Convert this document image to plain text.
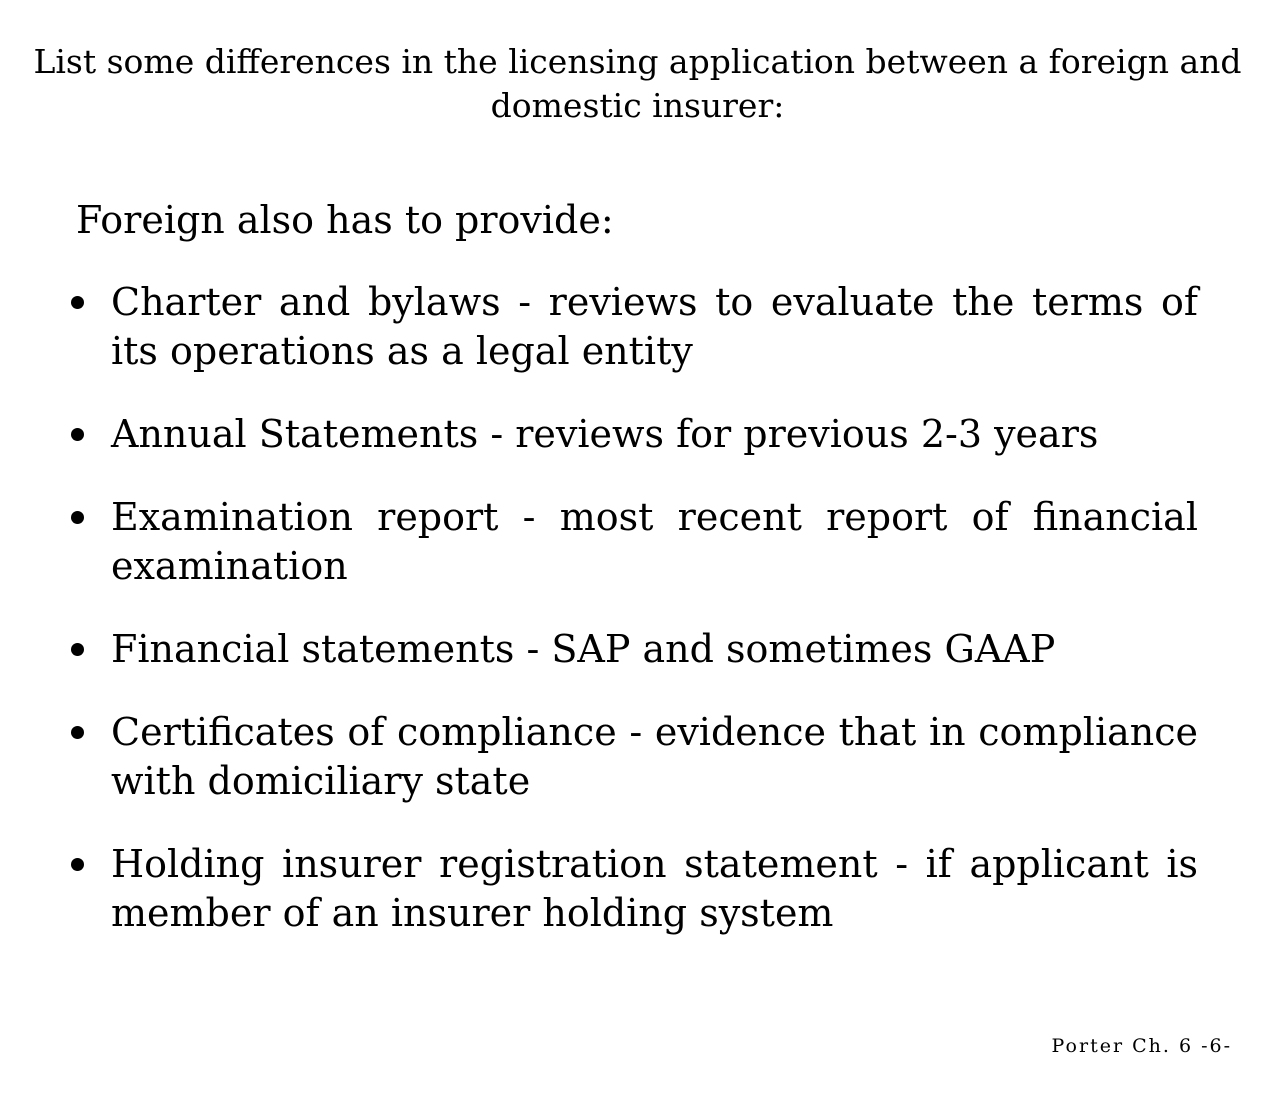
List some differences in the licensing application between a foreign and domestic insurer:

Foreign also has to provide:

Charter and bylaws - reviews to evaluate the terms of its operations as a legal entity
Annual Statements - reviews for previous 2-3 years
Examination report - most recent report of financial examination
Financial statements - SAP and sometimes GAAP
Certificates of compliance - evidence that in compliance with domiciliary state
Holding insurer registration statement - if applicant is member of an insurer holding system

Porter Ch. 6 -6-
